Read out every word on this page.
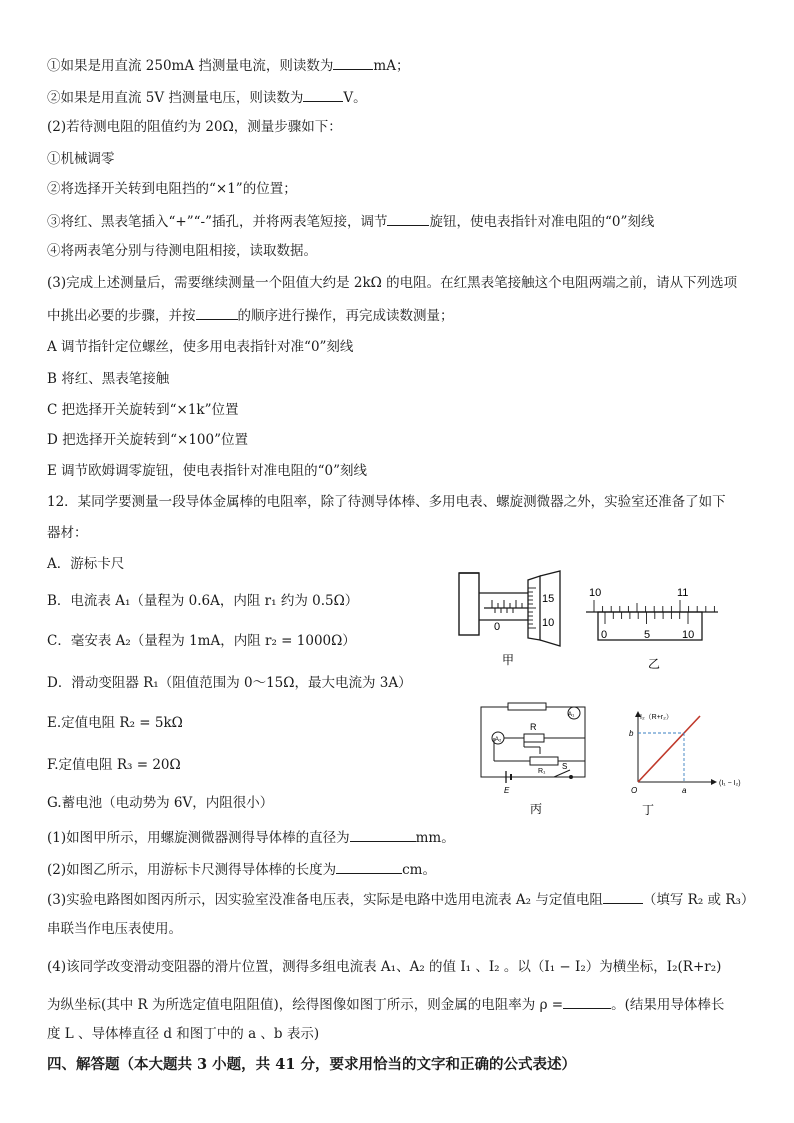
①如果是用直流 250mA 挡测量电流，则读数为	mA；
②如果是用直流 5V 挡测量电压，则读数为	V。
(2)若待测电阻的阻值约为 20Ω，测量步骤如下：
①机械调零
②将选择开关转到电阻挡的“×1”的位置；
③将红、黑表笔插入“+”“-”插孔，并将两表笔短接，调节	旋钮，使电表指针对准电阻的“0”刻线
④将两表笔分别与待测电阻相接，读取数据。
(3)完成上述测量后，需要继续测量一个阻值大约是 2kΩ 的电阻。在红黑表笔接触这个电阻两端之前，请从下列选项
中挑出必要的步骤，并按	的顺序进行操作，再完成读数测量；
A 调节指针定位螺丝，使多用电表指针对准“0”刻线
B 将红、黑表笔接触
C 把选择开关旋转到“×1k”位置
D 把选择开关旋转到“×100”位置
E 调节欧姆调零旋钮，使电表指针对准电阻的“0”刻线
12．某同学要测量一段导体金属棒的电阻率，除了待测导体棒、多用电表、螺旋测微器之外，实验室还准备了如下
器材：
A．游标卡尺
B．电流表 A₁（量程为 0.6A，内阻 r₁ 约为 0.5Ω）
C．毫安表 A₂（量程为 1mA，内阻 r₂ = 1000Ω）
D．滑动变阻器 R₁（阻值范围为 0～15Ω，最大电流为 3A）
E.定值电阻 R₂ = 5kΩ
F.定值电阻 R₃ = 20Ω
G.蓄电池（电动势为 6V，内阻很小）
(1)如图甲所示，用螺旋测微器测得导体棒的直径为	mm。
(2)如图乙所示，用游标卡尺测得导体棒的长度为	cm。
(3)实验电路图如图丙所示，因实验室没准备电压表，实际是电路中选用电流表 A₂ 与定值电阻	（填写 R₂ 或 R₃）
串联当作电压表使用。
(4)该同学改变滑动变阻器的滑片位置，测得多组电流表 A₁、A₂ 的值 I₁ 、I₂ 。以（I₁ − I₂）为横坐标，I₂(R+r₂)
为纵坐标(其中 R 为所选定值电阻阻值)，绘得图像如图丁所示，则金属的电阻率为 ρ =	。(结果用导体棒长
度 L 、导体棒直径 d 和图丁中的 a 、b 表示)
四、解答题（本大题共 3 小题，共 41 分，要求用恰当的文字和正确的公式表述）
0
15
10
甲
10	11
0	5	10
乙
A₁
A₂
R
R₁
E
S
丙
I₂（R+r₂）
(I₁ − I₂)
b
a
O
丁
